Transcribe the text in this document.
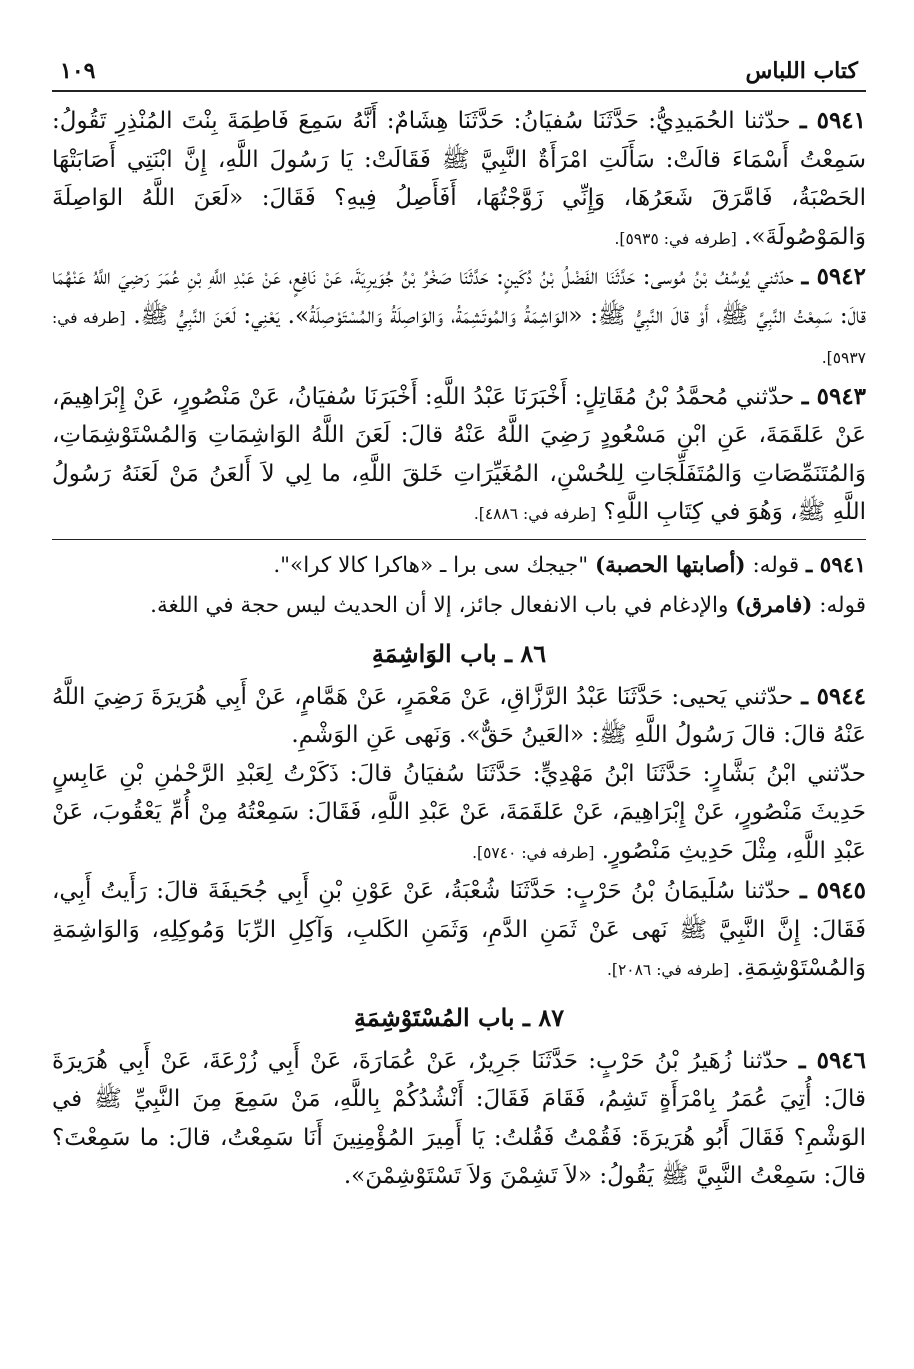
كتاب اللباس
١٠٩

٥٩٤١ ـ حدّثنا الحُمَيدِيُّ: حَدَّثَنَا سُفيَانُ: حَدَّثَنَا هِشَامٌ: أَنَّهُ سَمِعَ فَاطِمَةَ بِنْتَ المُنْذِرِ تَقُولُ: سَمِعْتُ أَسْمَاءَ قالَتْ: سَأَلَتِ امْرَأَةٌ النَّبِيَّ ﷺ فَقَالَتْ: يَا رَسُولَ اللَّهِ، إِنَّ ابْنَتِي أَصَابَتْهَا الحَصْبَةُ، فَامَّرَقَ شَعَرُهَا، وَإِنِّي زَوَّجْتُهَا، أَفَأَصِلُ فِيهِ؟ فَقَالَ: «لَعَنَ اللَّهُ الوَاصِلَةَ وَالمَوْصُولَةَ». [طرفه في: ٥٩٣٥].

٥٩٤٢ ـ حدّثني يُوسُفُ بْنُ مُوسى: حَدَّثَنَا الفَضْلُ بْنُ دُكَينٍ: حَدَّثَنَا صَخْرُ بْنُ جُوَيرِيَةَ، عَنْ نَافِعٍ، عَنْ عَبْدِ اللَّهِ بْنِ عُمَرَ رَضِيَ اللَّهُ عَنْهُمَا قالَ: سَمِعْتُ النَّبِيَّ ﷺ، أَوْ قالَ النَّبِيُّ ﷺ: «الوَاشِمَةُ وَالمُوتَشِمَةُ، وَالوَاصِلَةُ وَالمُسْتَوْصِلَةُ». يَعْنِي: لَعَنَ النَّبِيُّ ﷺ. [طرفه في: ٥٩٣٧].

٥٩٤٣ ـ حدّثني مُحمَّدُ بْنُ مُقَاتِلٍ: أَخْبَرَنَا عَبْدُ اللَّهِ: أَخْبَرَنَا سُفيَانُ، عَنْ مَنْصُورٍ، عَنْ إِبْرَاهِيمَ، عَنْ عَلقَمَةَ، عَنِ ابْنِ مَسْعُودٍ رَضِيَ اللَّهُ عَنْهُ قالَ: لَعَنَ اللَّهُ الوَاشِمَاتِ وَالمُسْتَوْشِمَاتِ، وَالمُتَنَمِّصَاتِ وَالمُتَفَلِّجَاتِ لِلحُسْنِ، المُغَيِّرَاتِ خَلقَ اللَّهِ، ما لِي لاَ أَلعَنُ مَنْ لَعَنَهُ رَسُولُ اللَّهِ ﷺ، وَهُوَ في كِتَابِ اللَّهِ؟ [طرفه في: ٤٨٨٦].

٥٩٤١ ـ قوله: (أصابتها الحصبة) "جيجك سى برا ـ «هاكرا كالا كرا»".

قوله: (فامرق) والإدغام في باب الانفعال جائز، إلا أن الحديث ليس حجة في اللغة.

٨٦ ـ باب الوَاشِمَةِ

٥٩٤٤ ـ حدّثني يَحيى: حَدَّثَنَا عَبْدُ الرَّزَّاقِ، عَنْ مَعْمَرٍ، عَنْ هَمَّامٍ، عَنْ أَبِي هُرَيرَةَ رَضِيَ اللَّهُ عَنْهُ قالَ: قالَ رَسُولُ اللَّهِ ﷺ: «العَينُ حَقٌّ». وَنَهى عَنِ الوَشْمِ.

حدّثني ابْنُ بَشَّارٍ: حَدَّثَنَا ابْنُ مَهْدِيٍّ: حَدَّثَنَا سُفيَانُ قالَ: ذَكَرْتُ لِعَبْدِ الرَّحْمٰنِ بْنِ عَابِسٍ حَدِيثَ مَنْصُورٍ، عَنْ إِبْرَاهِيمَ، عَنْ عَلقَمَةَ، عَنْ عَبْدِ اللَّهِ، فَقَالَ: سَمِعْتُهُ مِنْ أُمِّ يَعْقُوبَ، عَنْ عَبْدِ اللَّهِ، مِثْلَ حَدِيثِ مَنْصُورٍ. [طرفه في: ٥٧٤٠].

٥٩٤٥ ـ حدّثنا سُلَيمَانُ بْنُ حَرْبٍ: حَدَّثَنَا شُعْبَةُ، عَنْ عَوْنِ بْنِ أَبِي جُحَيفَةَ قالَ: رَأَيتُ أَبِي، فَقَالَ: إِنَّ النَّبِيَّ ﷺ نَهى عَنْ ثَمَنِ الدَّمِ، وَثَمَنِ الكَلبِ، وَآكِلِ الرِّبَا وَمُوكِلِهِ، وَالوَاشِمَةِ وَالمُسْتَوْشِمَةِ. [طرفه في: ٢٠٨٦].

٨٧ ـ باب المُسْتَوْشِمَةِ

٥٩٤٦ ـ حدّثنا زُهَيرُ بْنُ حَرْبٍ: حَدَّثَنَا جَرِيرٌ، عَنْ عُمَارَةَ، عَنْ أَبِي زُرْعَةَ، عَنْ أَبِي هُرَيرَةَ قالَ: أُتِيَ عُمَرُ بِامْرَأَةٍ تَشِمُ، فَقَامَ فَقَالَ: أَنْشُدُكُمْ بِاللَّهِ، مَنْ سَمِعَ مِنَ النَّبِيِّ ﷺ في الوَشْمِ؟ فَقَالَ أَبُو هُرَيرَةَ: فَقُمْتُ فَقُلتُ: يَا أَمِيرَ المُؤْمِنِينَ أَنَا سَمِعْتُ، قالَ: ما سَمِعْتَ؟ قالَ: سَمِعْتُ النَّبِيَّ ﷺ يَقُولُ: «لاَ تَشِمْنَ وَلاَ تَسْتَوْشِمْنَ».
